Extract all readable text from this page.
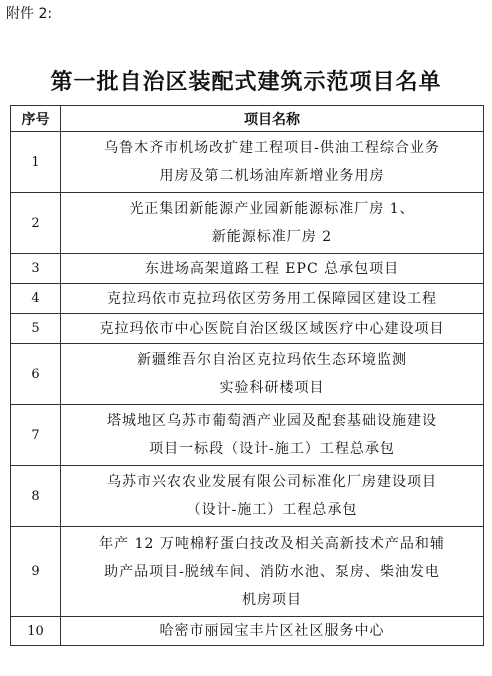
附件 2:
第一批自治区装配式建筑示范项目名单
序号	项目名称
1	乌鲁木齐市机场改扩建工程项目-供油工程综合业务
用房及第二机场油库新增业务用房

2	光正集团新能源产业园新能源标准厂房 1、
新能源标准厂房 2

3	东进场高架道路工程 EPC 总承包项目

4	克拉玛依市克拉玛依区劳务用工保障园区建设工程

5	克拉玛依市中心医院自治区级区域医疗中心建设项目

6	新疆维吾尔自治区克拉玛依生态环境监测
实验科研楼项目

7	塔城地区乌苏市葡萄酒产业园及配套基础设施建设
项目一标段（设计-施工）工程总承包

8	乌苏市兴农农业发展有限公司标准化厂房建设项目
（设计-施工）工程总承包

9	年产 12 万吨棉籽蛋白技改及相关高新技术产品和辅
助产品项目-脱绒车间、消防水池、泵房、柴油发电
机房项目

10	哈密市丽园宝丰片区社区服务中心
